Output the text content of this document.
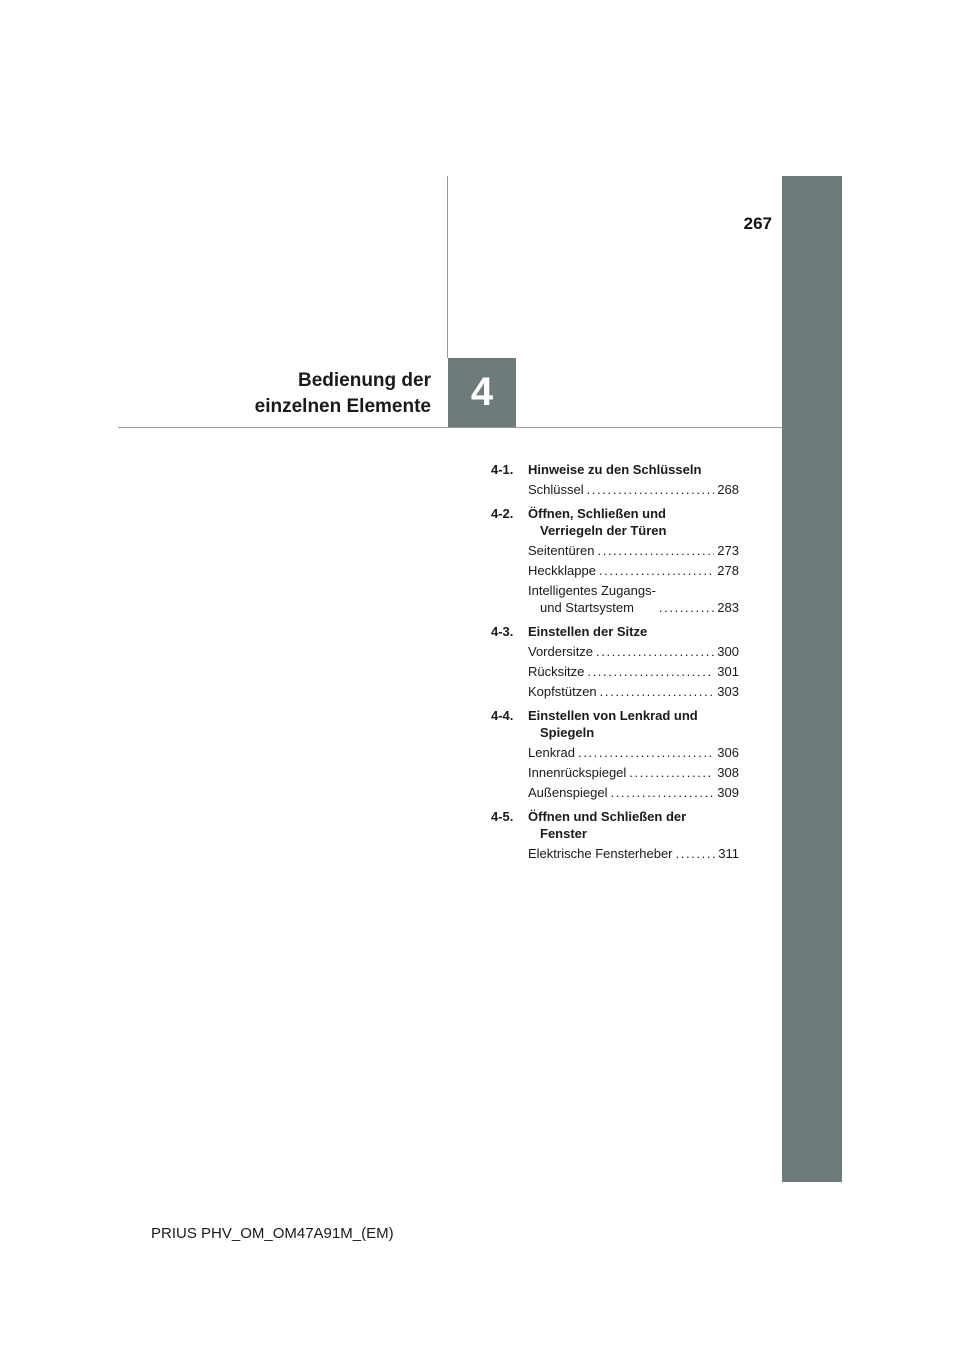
267
Bedienung der
einzelnen Elemente 4
4-1.	Hinweise zu den Schlüsseln
Schlüssel . . .	268
4-2.	Öffnen, Schließen und
Verriegeln der Türen
Seitentüren . . .	273
Heckklappe . . .	278
Intelligentes Zugangs-
und Startsystem . . .	283
4-3.	Einstellen der Sitze
Vordersitze . . .	300
Rücksitze . . .	301
Kopfstützen . . .	303
4-4.	Einstellen von Lenkrad und
Spiegeln
Lenkrad . . .	306
Innenrückspiegel . . .	308
Außenspiegel . . .	309
4-5.	Öffnen und Schließen der
Fenster
Elektrische Fensterheber . . .	311
PRIUS PHV_OM_OM47A91M_(EM)
